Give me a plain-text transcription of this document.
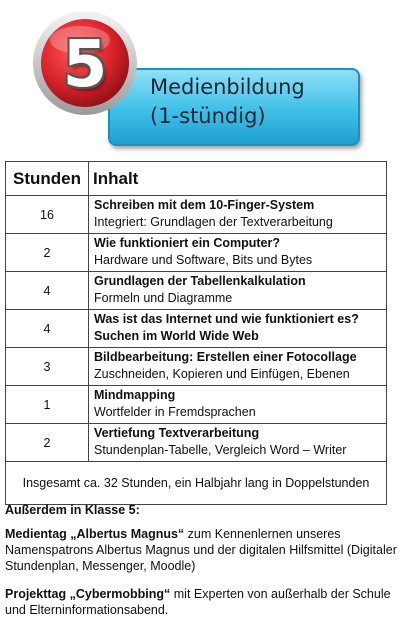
Medienbildung
(1-stündig)
5
Stunden	Inhalt
16	Schreiben mit dem 10-Finger-System
Integriert: Grundlagen der Textverarbeitung

2	Wie funktioniert ein Computer?
Hardware und Software, Bits und Bytes

4	Grundlagen der Tabellenkalkulation
Formeln und Diagramme

4	Was ist das Internet und wie funktioniert es?
Suchen im World Wide Web

3	Bildbearbeitung: Erstellen einer Fotocollage
Zuschneiden, Kopieren und Einfügen, Ebenen

1	Mindmapping
Wortfelder in Fremdsprachen

2	Vertiefung Textverarbeitung
Stundenplan-Tabelle, Vergleich Word – Writer

Insgesamt ca. 32 Stunden, ein Halbjahr lang in Doppelstunden	
Außerdem in Klasse 5:
Medientag „Albertus Magnus“ zum Kennenlernen unseres Namenspatrons Albertus Magnus und der digitalen Hilfsmittel (Digitaler Stundenplan, Messenger, Moodle)
Projekttag „Cybermobbing“ mit Experten von außerhalb der Schule und Elterninformationsabend.
